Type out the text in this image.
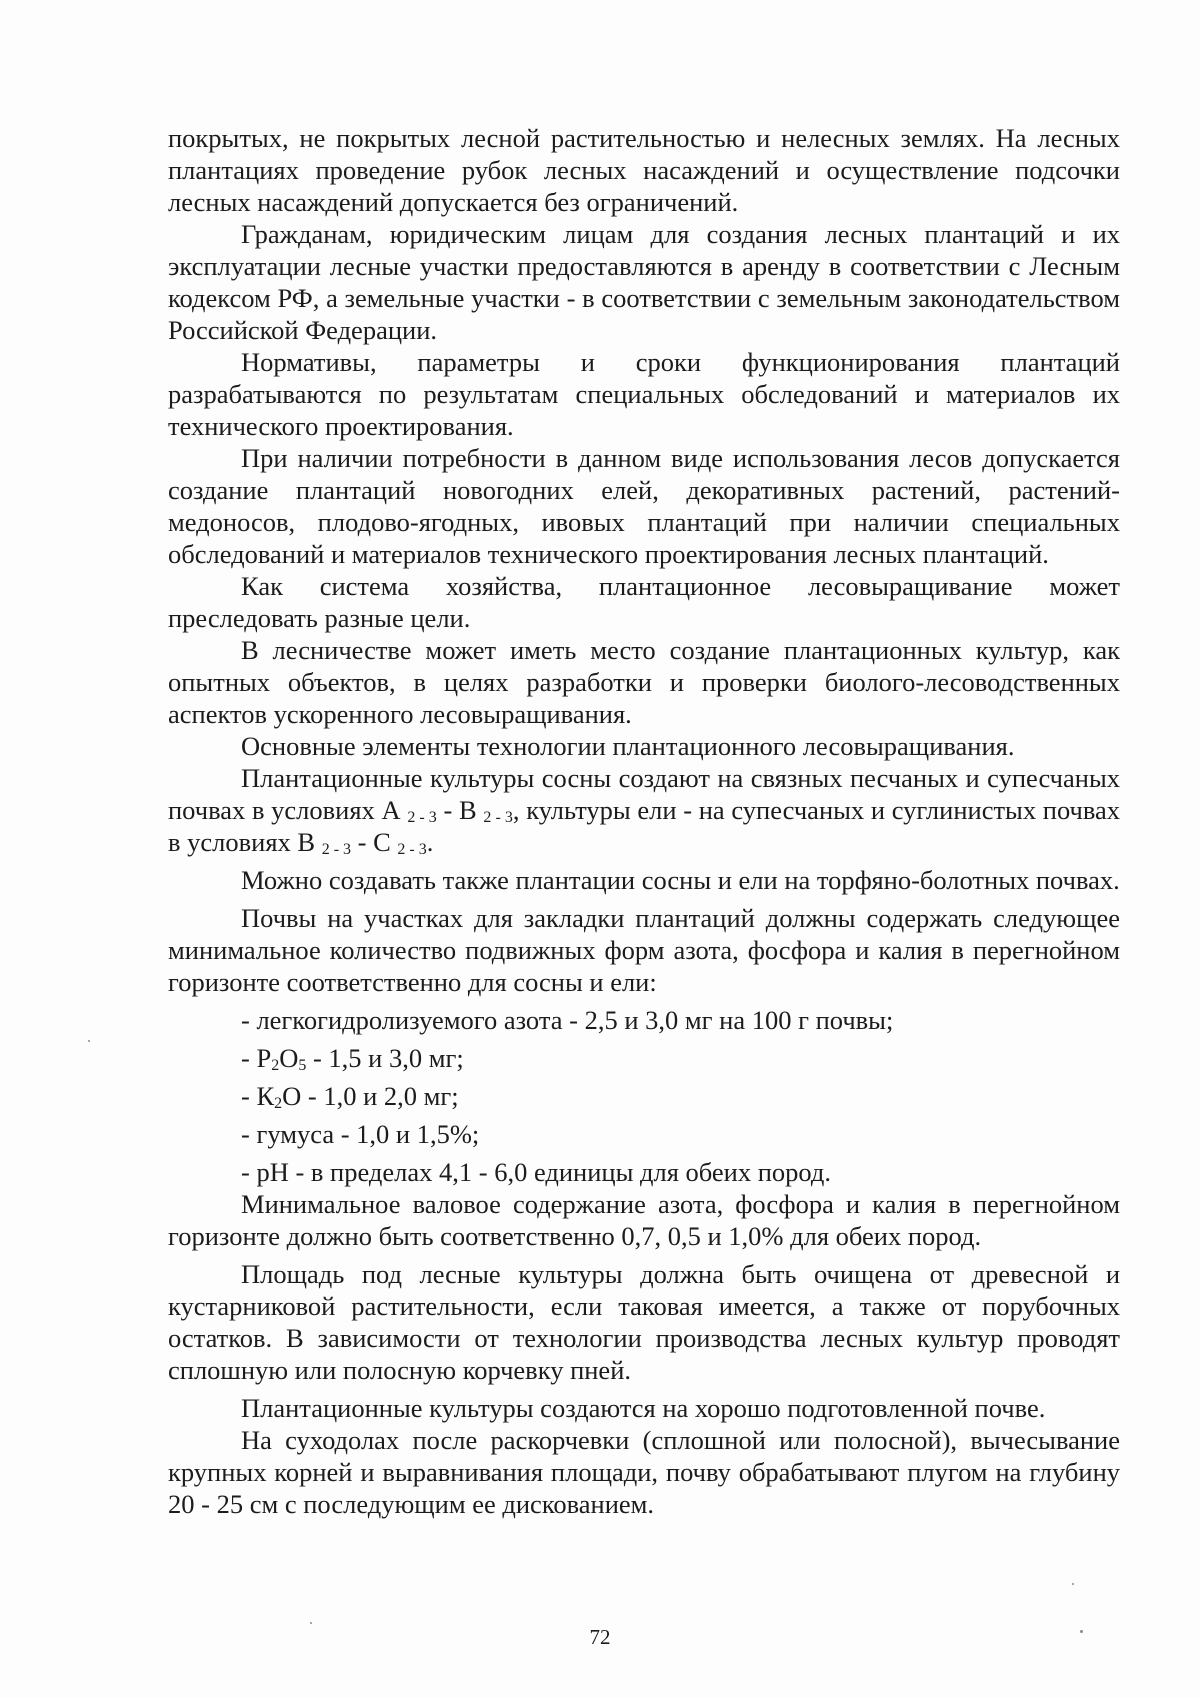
покрытых, не покрытых лесной растительностью и нелесных землях. На лесных плантациях проведение рубок лесных насаждений и осуществление подсочки лесных насаждений допускается без ограничений.

Гражданам, юридическим лицам для создания лесных плантаций и их эксплуатации лесные участки предоставляются в аренду в соответствии с Лесным кодексом РФ, а земельные участки - в соответствии с земельным законодательством Российской Федерации.

Нормативы, параметры и сроки функционирования плантаций разрабатываются по результатам специальных обследований и материалов их технического проектирования.

При наличии потребности в данном виде использования лесов допускается создание плантаций новогодних елей, декоративных растений, растений-медоносов, плодово-ягодных, ивовых плантаций при наличии специальных обследований и материалов технического проектирования лесных плантаций.

Как система хозяйства, плантационное лесовыращивание может преследовать разные цели.

В лесничестве может иметь место создание плантационных культур, как опытных объектов, в целях разработки и проверки биолого-лесоводственных аспектов ускоренного лесовыращивания.

Основные элементы технологии плантационного лесовыращивания.

Плантационные культуры сосны создают на связных песчаных и супесчаных почвах в условиях А $_{2 - 3}$ - В $_{2 - 3}$, культуры ели - на супесчаных и суглинистых почвах в условиях В $_{2 - 3}$ - С $_{2 - 3}$.

Можно создавать также плантации сосны и ели на торфяно-болотных почвах.

Почвы на участках для закладки плантаций должны содержать следующее минимальное количество подвижных форм азота, фосфора и калия в перегнойном горизонте соответственно для сосны и ели:

- легкогидролизуемого азота - 2,5 и 3,0 мг на 100 г почвы;

- $Р_2О_5 - 1,5$ и 3,0 мг;

- $К_2О - 1,0$ и 2,0 мг;

- гумуса - 1,0 и 1,5%;

- рН - в пределах 4,1 - 6,0 единицы для обеих пород.

Минимальное валовое содержание азота, фосфора и калия в перегнойном горизонте должно быть соответственно 0,7, 0,5 и 1,0% для обеих пород.

Площадь под лесные культуры должна быть очищена от древесной и кустарниковой растительности, если таковая имеется, а также от порубочных остатков. В зависимости от технологии производства лесных культур проводят сплошную или полосную корчевку пней.

Плантационные культуры создаются на хорошо подготовленной почве.

На суходолах после раскорчевки (сплошной или полосной), вычесывание крупных корней и выравнивания площади, почву обрабатывают плугом на глубину 20 - 25 см с последующим ее дискованием.

72
